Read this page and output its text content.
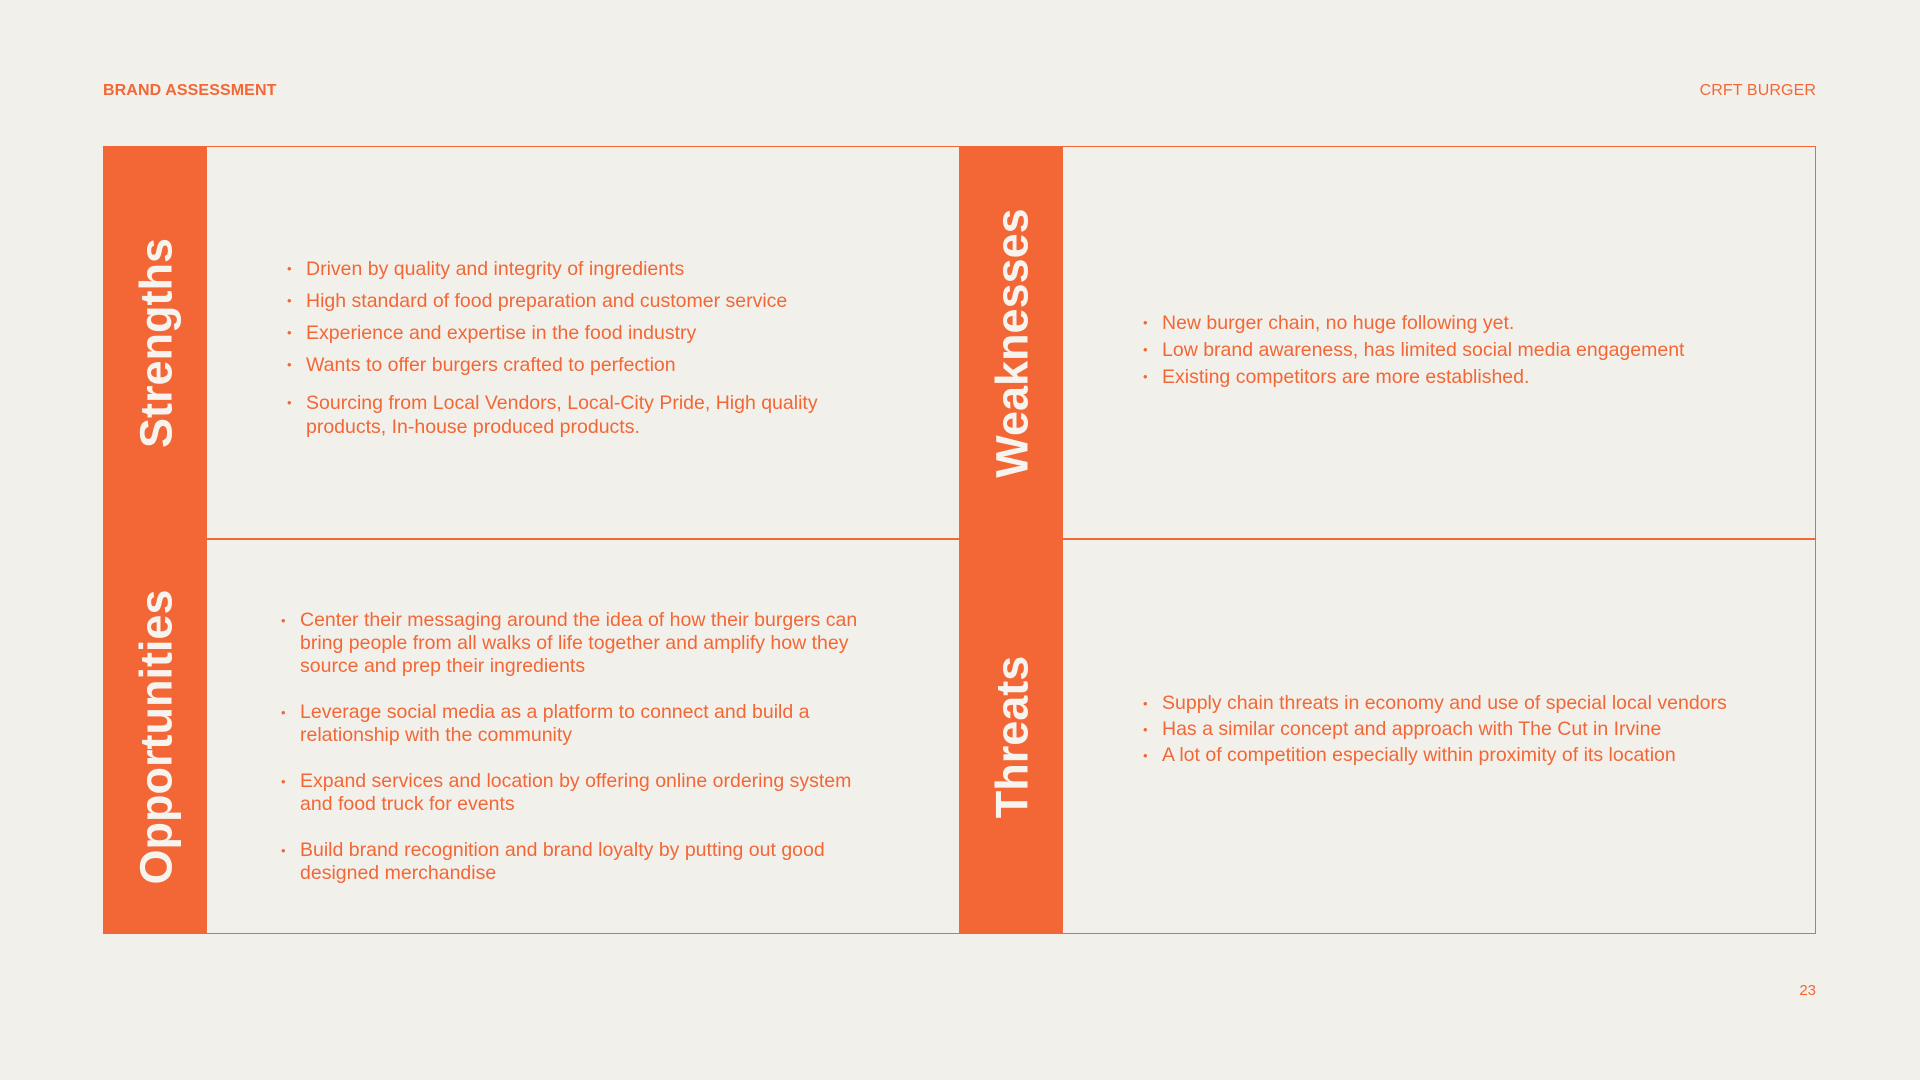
BRAND ASSESSMENT	CRFT BURGER
Strengths	• Driven by quality and integrity of ingredients
• High standard of food preparation and customer service
• Experience and expertise in the food industry
• Wants to offer burgers crafted to perfection
• Sourcing from Local Vendors, Local-City Pride, High quality products, In-house produced products.
Opportunities	• Center their messaging around the idea of how their burgers can bring people from all walks of life together and amplify how they source and prep their ingredients
• Leverage social media as a platform to connect and build a relationship with the community
• Expand services and location by offering online ordering system and food truck for events
• Build brand recognition and brand loyalty by putting out good designed merchandise
Weaknesses	• New burger chain, no huge following yet.
• Low brand awareness, has limited social media engagement
• Existing competitors are more established.
Threats	• Supply chain threats in economy and use of special local vendors
• Has a similar concept and approach with The Cut in Irvine
• A lot of competition especially within proximity of its location
23
